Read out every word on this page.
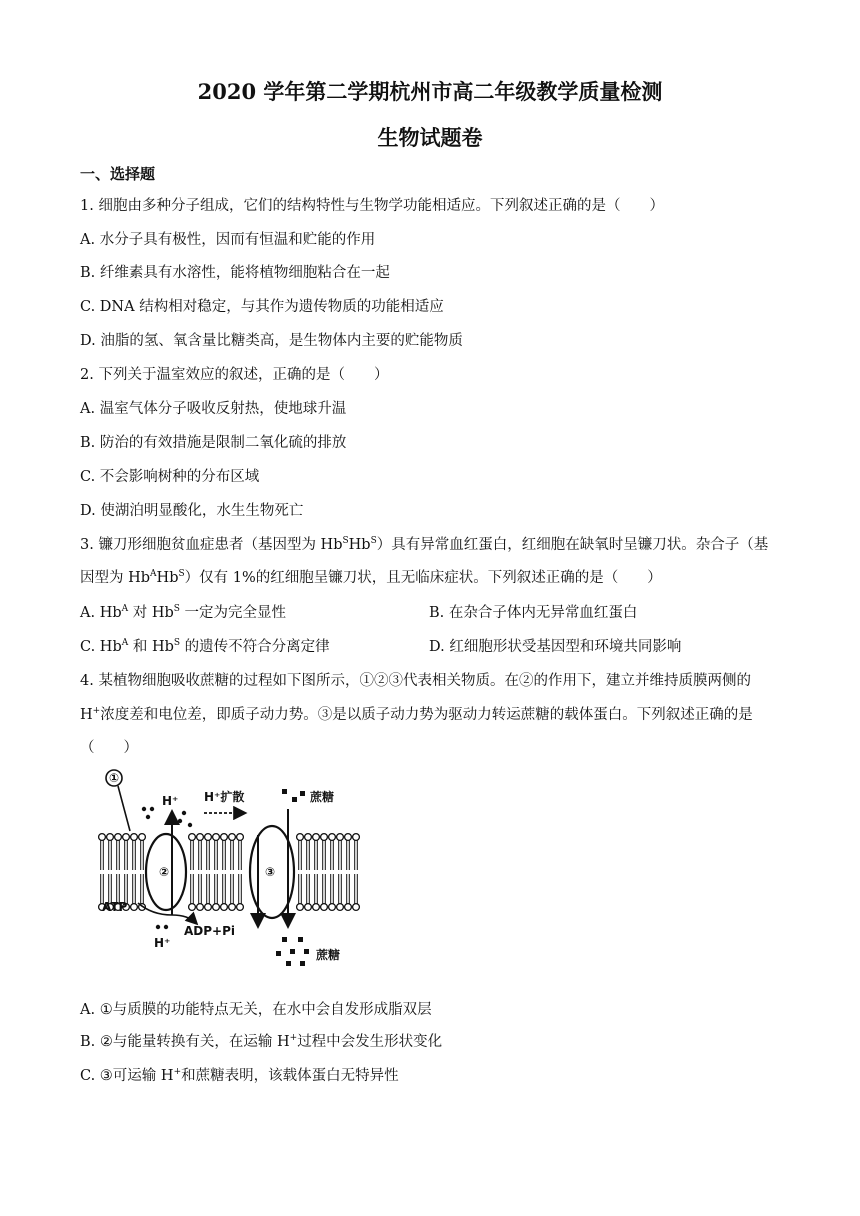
2020 学年第二学期杭州市高二年级教学质量检测
生物试题卷
一、选择题
1. 细胞由多种分子组成，它们的结构特性与生物学功能相适应。下列叙述正确的是（　　）
A. 水分子具有极性，因而有恒温和贮能的作用
B. 纤维素具有水溶性，能将植物细胞粘合在一起
C. DNA 结构相对稳定，与其作为遗传物质的功能相适应
D. 油脂的氢、氧含量比糖类高，是生物体内主要的贮能物质
2. 下列关于温室效应的叙述，正确的是（　　）
A. 温室气体分子吸收反射热，使地球升温
B. 防治的有效措施是限制二氧化硫的排放
C. 不会影响树种的分布区域
D. 使湖泊明显酸化，水生生物死亡
3. 镰刀形细胞贫血症患者（基因型为 $Hb^SHb^S$）具有异常血红蛋白，红细胞在缺氧时呈镰刀状。杂合子（基
因型为 $Hb^AHb^S$）仅有 1%的红细胞呈镰刀状，且无临床症状。下列叙述正确的是（　　）
A. $Hb^A$ 对 $Hb^S$ 一定为完全显性	B. 在杂合子体内无异常血红蛋白
C. $Hb^A$ 和 $Hb^S$ 的遗传不符合分离定律	D. 红细胞形状受基因型和环境共同影响
4. 某植物细胞吸收蔗糖的过程如下图所示，①②③代表相关物质。在②的作用下，建立并维持质膜两侧的
H+浓度差和电位差，即质子动力势。③是以质子动力势为驱动力转运蔗糖的载体蛋白。下列叙述正确的是
（　　）
①
②	③
H⁺ H⁺扩散	蔗糖
ATP
ADP+Pi
H⁺
蔗糖
A. ①与质膜的功能特点无关，在水中会自发形成脂双层
B. ②与能量转换有关，在运输 H+过程中会发生形状变化
C. ③可运输 H+和蔗糖表明，该载体蛋白无特异性
